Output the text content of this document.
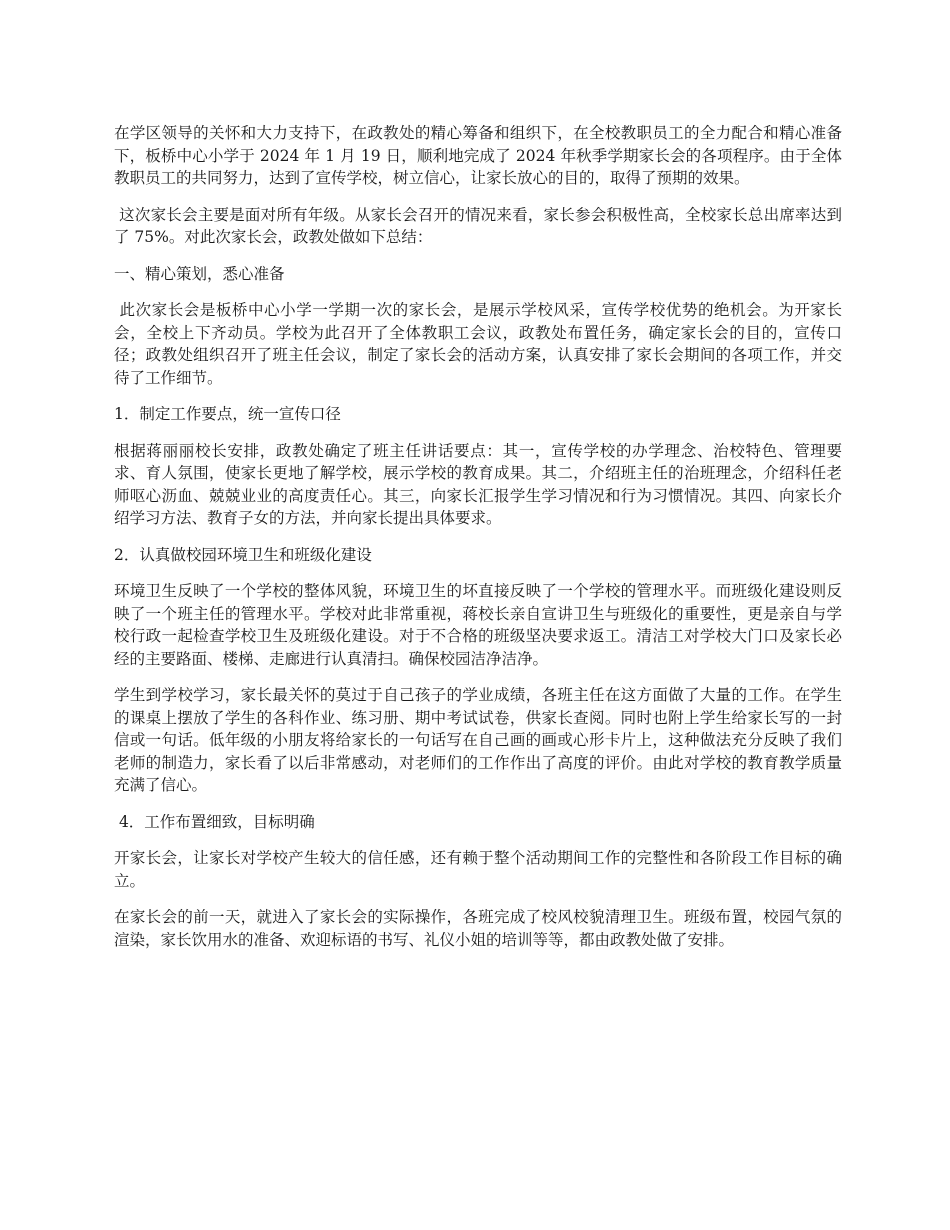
在学区领导的关怀和大力支持下，在政教处的精心筹备和组织下，在全校教职员工的全力配合和精心准备下，板桥中心小学于 2024 年 1 月 19 日，顺利地完成了 2024 年秋季学期家长会的各项程序。由于全体教职员工的共同努力，达到了宣传学校，树立信心，让家长放心的目的，取得了预期的效果。

这次家长会主要是面对所有年级。从家长会召开的情况来看，家长参会积极性高，全校家长总出席率达到了 75%。对此次家长会，政教处做如下总结：

一、精心策划，悉心准备

此次家长会是板桥中心小学一学期一次的家长会，是展示学校风采，宣传学校优势的绝机会。为开家长会，全校上下齐动员。学校为此召开了全体教职工会议，政教处布置任务，确定家长会的目的，宣传口径；政教处组织召开了班主任会议，制定了家长会的活动方案，认真安排了家长会期间的各项工作，并交待了工作细节。

1．制定工作要点，统一宣传口径

根据蒋丽丽校长安排，政教处确定了班主任讲话要点：其一，宣传学校的办学理念、治校特色、管理要求、育人氛围，使家长更地了解学校，展示学校的教育成果。其二，介绍班主任的治班理念，介绍科任老师呕心沥血、兢兢业业的高度责任心。其三，向家长汇报学生学习情况和行为习惯情况。其四、向家长介绍学习方法、教育子女的方法，并向家长提出具体要求。

2．认真做校园环境卫生和班级化建设

环境卫生反映了一个学校的整体风貌，环境卫生的坏直接反映了一个学校的管理水平。而班级化建设则反映了一个班主任的管理水平。学校对此非常重视，蒋校长亲自宣讲卫生与班级化的重要性，更是亲自与学校行政一起检查学校卫生及班级化建设。对于不合格的班级坚决要求返工。清洁工对学校大门口及家长必经的主要路面、楼梯、走廊进行认真清扫。确保校园洁净洁净。

学生到学校学习，家长最关怀的莫过于自己孩子的学业成绩，各班主任在这方面做了大量的工作。在学生的课桌上摆放了学生的各科作业、练习册、期中考试试卷，供家长查阅。同时也附上学生给家长写的一封信或一句话。低年级的小朋友将给家长的一句话写在自己画的画或心形卡片上，这种做法充分反映了我们老师的制造力，家长看了以后非常感动，对老师们的工作作出了高度的评价。由此对学校的教育教学质量充满了信心。

4．工作布置细致，目标明确

开家长会，让家长对学校产生较大的信任感，还有赖于整个活动期间工作的完整性和各阶段工作目标的确立。

在家长会的前一天，就进入了家长会的实际操作，各班完成了校风校貌清理卫生。班级布置，校园气氛的渲染，家长饮用水的准备、欢迎标语的书写、礼仪小姐的培训等等，都由政教处做了安排。
